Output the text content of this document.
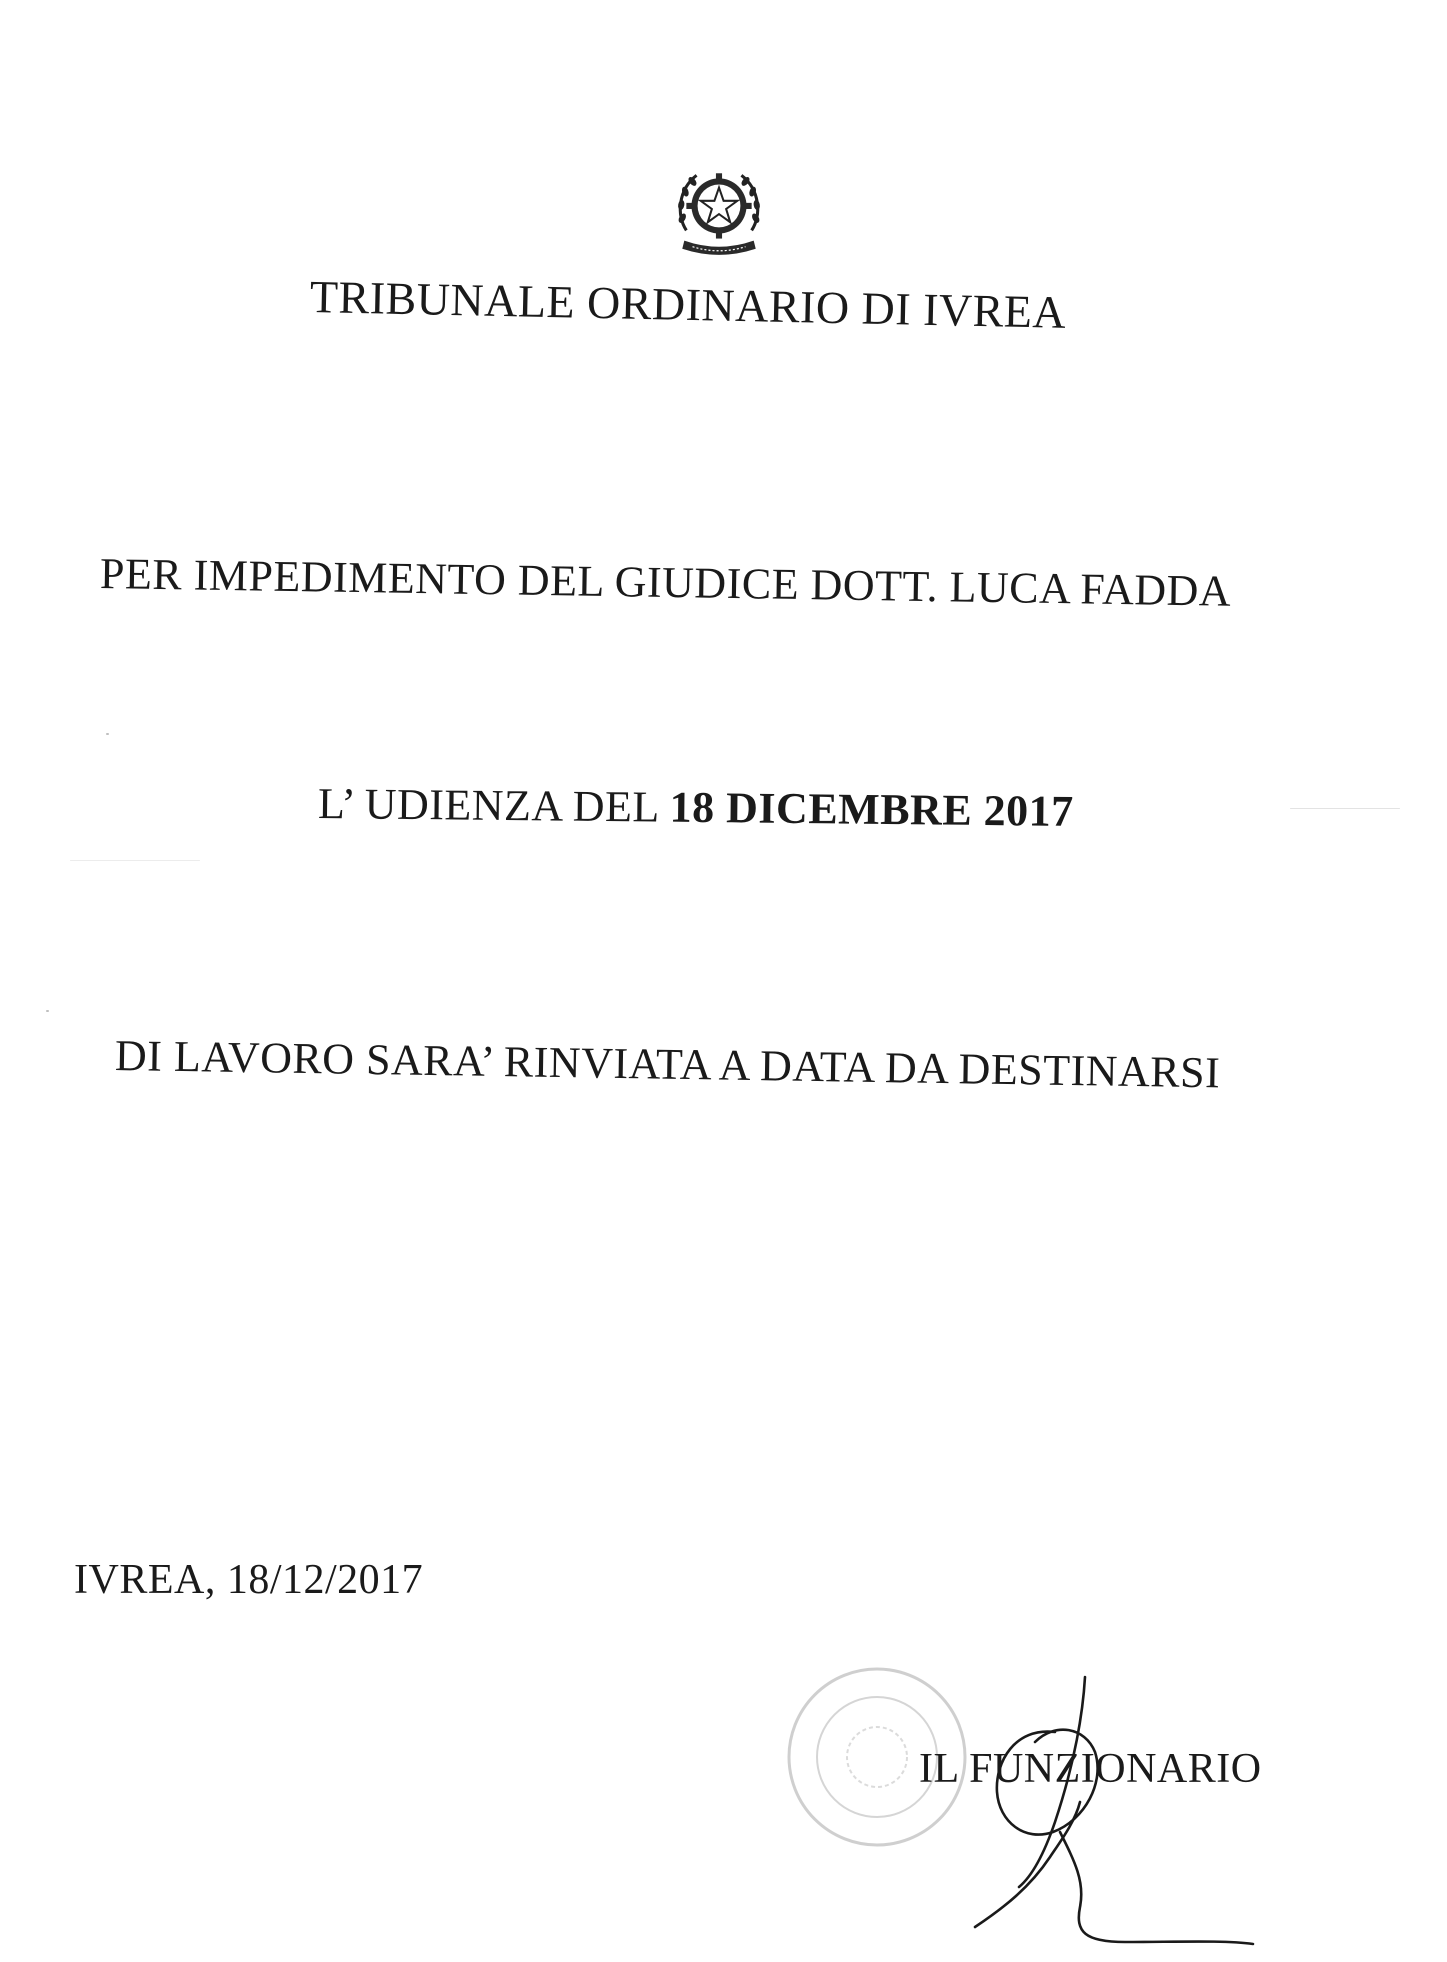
TRIBUNALE ORDINARIO DI IVREA
PER IMPEDIMENTO DEL GIUDICE DOTT. LUCA FADDA
L’ UDIENZA DEL 18 DICEMBRE 2017
DI LAVORO SARA’ RINVIATA A DATA DA DESTINARSI
IVREA, 18/12/2017
IL FUNZIONARIO
